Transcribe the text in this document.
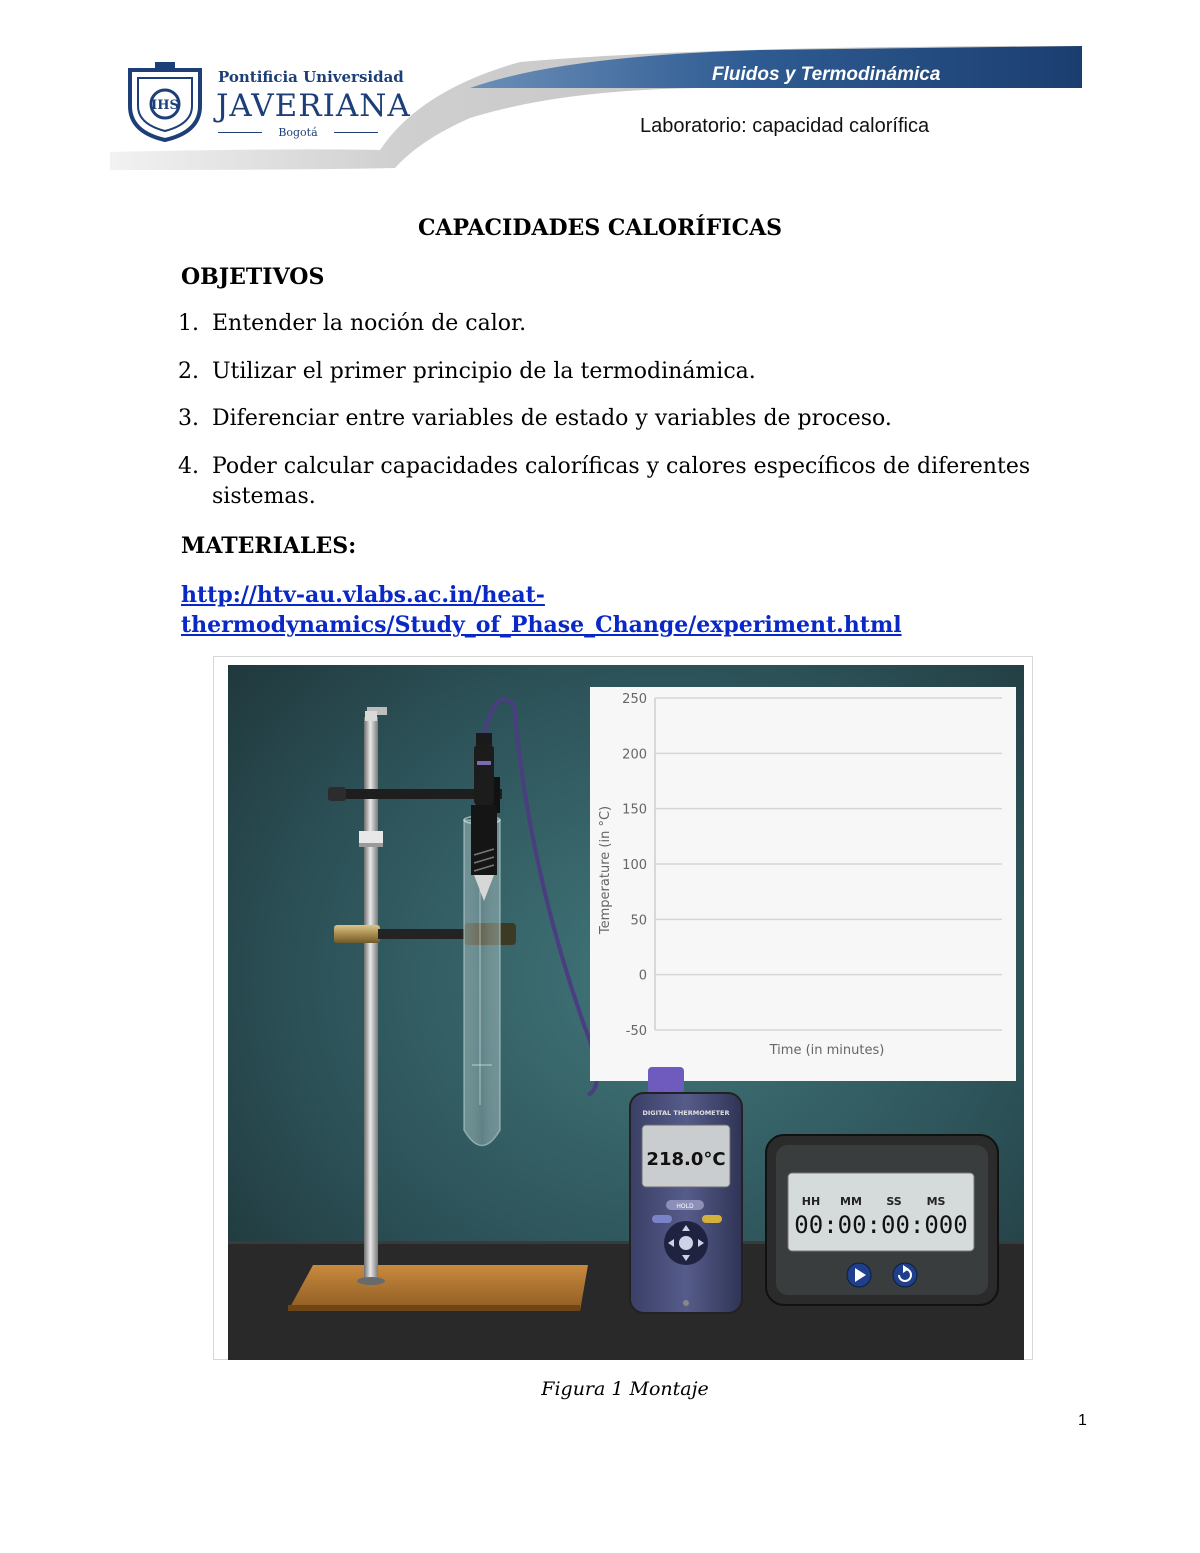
IHS
Pontificia Universidad
JAVERIANA
Bogotá
Fluidos y Termodinámica
Laboratorio: capacidad calorífica
CAPACIDADES CALORÍFICAS
OBJETIVOS
1. Entender la noción de calor.
2. Utilizar el primer principio de la termodinámica.
3. Diferenciar entre variables de estado y variables de proceso.
4. Poder calcular capacidades caloríficas y calores específicos de diferentes
sistemas.
MATERIALES:
http://htv-au.vlabs.ac.in/heat-
thermodynamics/Study_of_Phase_Change/experiment.html
250
200
150
100
50
0
-50
Time (in minutes)
Temperature (in °C)
DIGITAL THERMOMETER
218.0°C
HOLD	HH MM SS MS
00:00:00:000
Figura 1 Montaje
1
